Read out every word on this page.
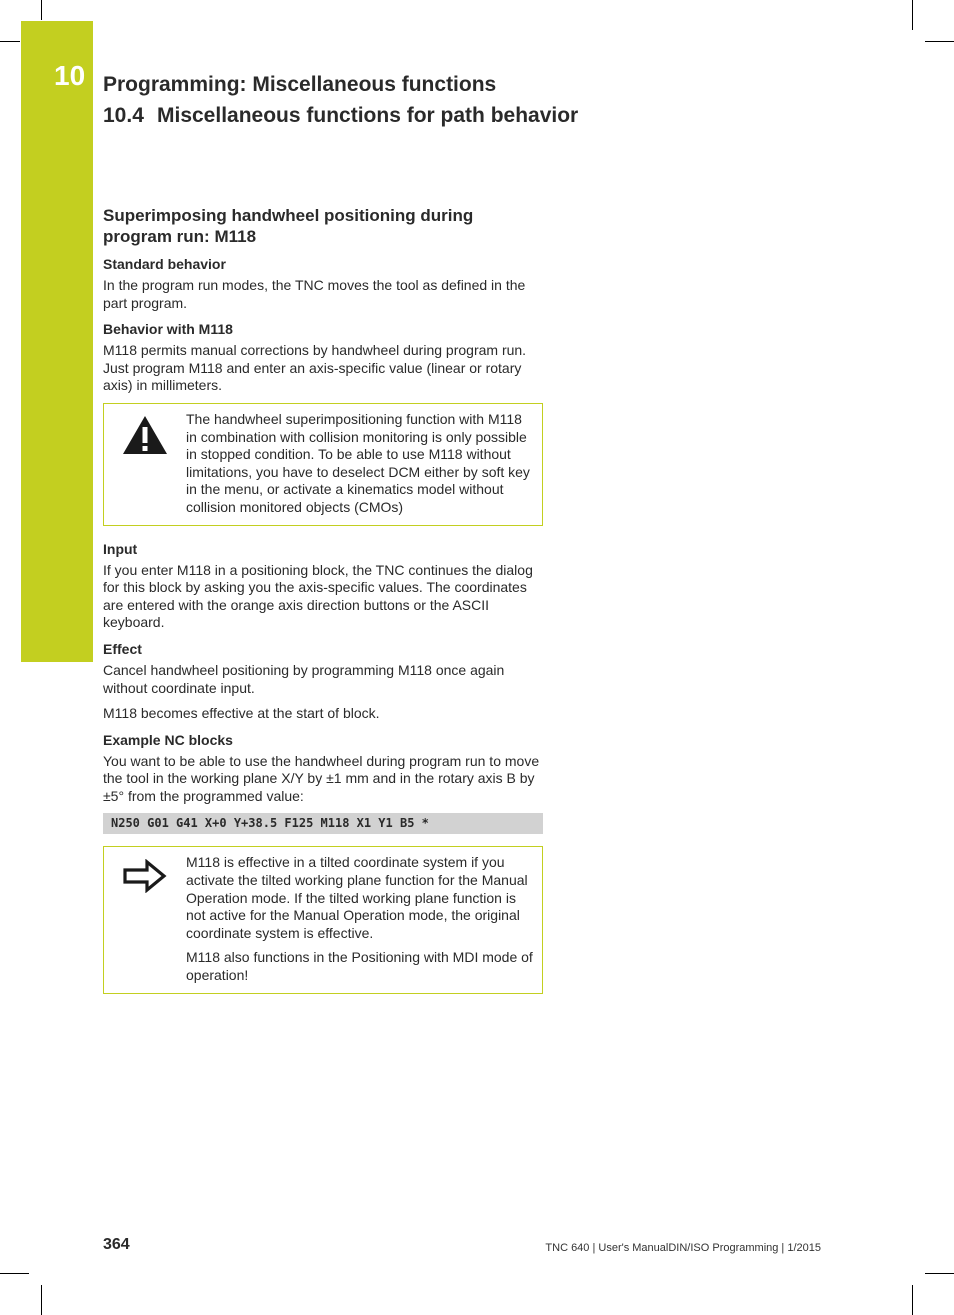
10 Programming: Miscellaneous functions
10.4 Miscellaneous functions for path behavior
Superimposing handwheel positioning during
program run: M118
Standard behavior

In the program run modes, the TNC moves the tool as defined in the part program.

Behavior with M118

M118 permits manual corrections by handwheel during program run. Just program M118 and enter an axis-specific value (linear or rotary axis) in millimeters.

The handwheel superimpositioning function with M118 in combination with collision monitoring is only possible in stopped condition. To be able to use M118 without limitations, you have to deselect DCM either by soft key in the menu, or activate a kinematics model without collision monitored objects (CMOs)

Input

If you enter M118 in a positioning block, the TNC continues the dialog for this block by asking you the axis-specific values. The coordinates are entered with the orange axis direction buttons or the ASCII keyboard.

Effect

Cancel handwheel positioning by programming M118 once again without coordinate input.

M118 becomes effective at the start of block.

Example NC blocks

You want to be able to use the handwheel during program run to move the tool in the working plane X/Y by ±1 mm and in the rotary axis B by ±5° from the programmed value:

N250 G01 G41 X+0 Y+38.5 F125 M118 X1 Y1 B5 *

M118 is effective in a tilted coordinate system if you activate the tilted working plane function for the Manual Operation mode. If the tilted working plane function is not active for the Manual Operation mode, the original coordinate system is effective.

M118 also functions in the Positioning with MDI mode of operation!

364	TNC 640 | User's ManualDIN/ISO Programming | 1/2015
